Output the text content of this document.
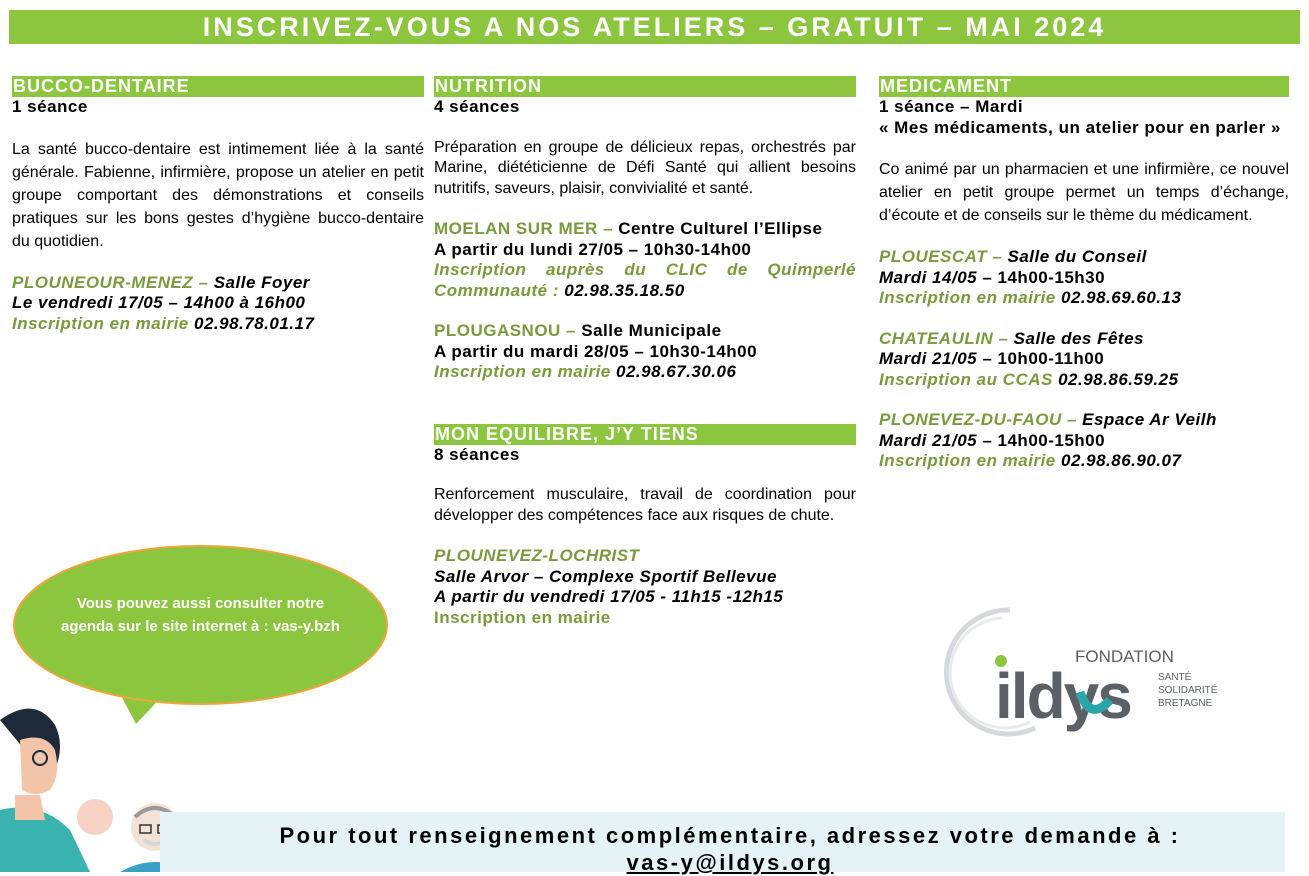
INSCRIVEZ-VOUS A NOS ATELIERS – GRATUIT – MAI 2024
BUCCO-DENTAIRE
1 séance

La santé bucco-dentaire est intimement liée à la santé générale. Fabienne, infirmière, propose un atelier en petit groupe comportant des démonstrations et conseils pratiques sur les bons gestes d’hygiène bucco-dentaire du quotidien.

PLOUNEOUR-MENEZ – Salle Foyer
Le vendredi 17/05 – 14h00 à 16h00
Inscription en mairie 02.98.78.01.17
NUTRITION
4 séances

Préparation en groupe de délicieux repas, orchestrés par Marine, diététicienne de Défi Santé qui allient besoins nutritifs, saveurs, plaisir, convivialité et santé.

MOELAN SUR MER – Centre Culturel l’Ellipse
A partir du lundi 27/05 – 10h30-14h00
Inscription auprès du CLIC de Quimperlé Communauté : 02.98.35.18.50
PLOUGASNOU – Salle Municipale
A partir du mardi 28/05 – 10h30-14h00
Inscription en mairie 02.98.67.30.06
MON EQUILIBRE, J’Y TIENS
8 séances

Renforcement musculaire, travail de coordination pour développer des compétences face aux risques de chute.

PLOUNEVEZ-LOCHRIST
Salle Arvor – Complexe Sportif Bellevue
A partir du vendredi 17/05 - 11h15 -12h15
Inscription en mairie
MEDICAMENT
1 séance – Mardi
« Mes médicaments, un atelier pour en parler »

Co animé par un pharmacien et une infirmière, ce nouvel atelier en petit groupe permet un temps d’échange, d’écoute et de conseils sur le thème du médicament.

PLOUESCAT – Salle du Conseil
Mardi 14/05 – 14h00-15h30
Inscription en mairie 02.98.69.60.13
CHATEAULIN – Salle des Fêtes
Mardi 21/05 – 10h00-11h00
Inscription au CCAS 02.98.86.59.25
PLONEVEZ-DU-FAOU – Espace Ar Veilh
Mardi 21/05 – 14h00-15h00
Inscription en mairie 02.98.86.90.07
Vous pouvez aussi consulter notre agenda sur le site internet à : vas-y.bzh
FONDATION
ildys	SANTÉ
SOLIDARITÉ
BRETAGNE
Pour tout renseignement complémentaire, adressez votre demande à :
vas-y@ildys.org
